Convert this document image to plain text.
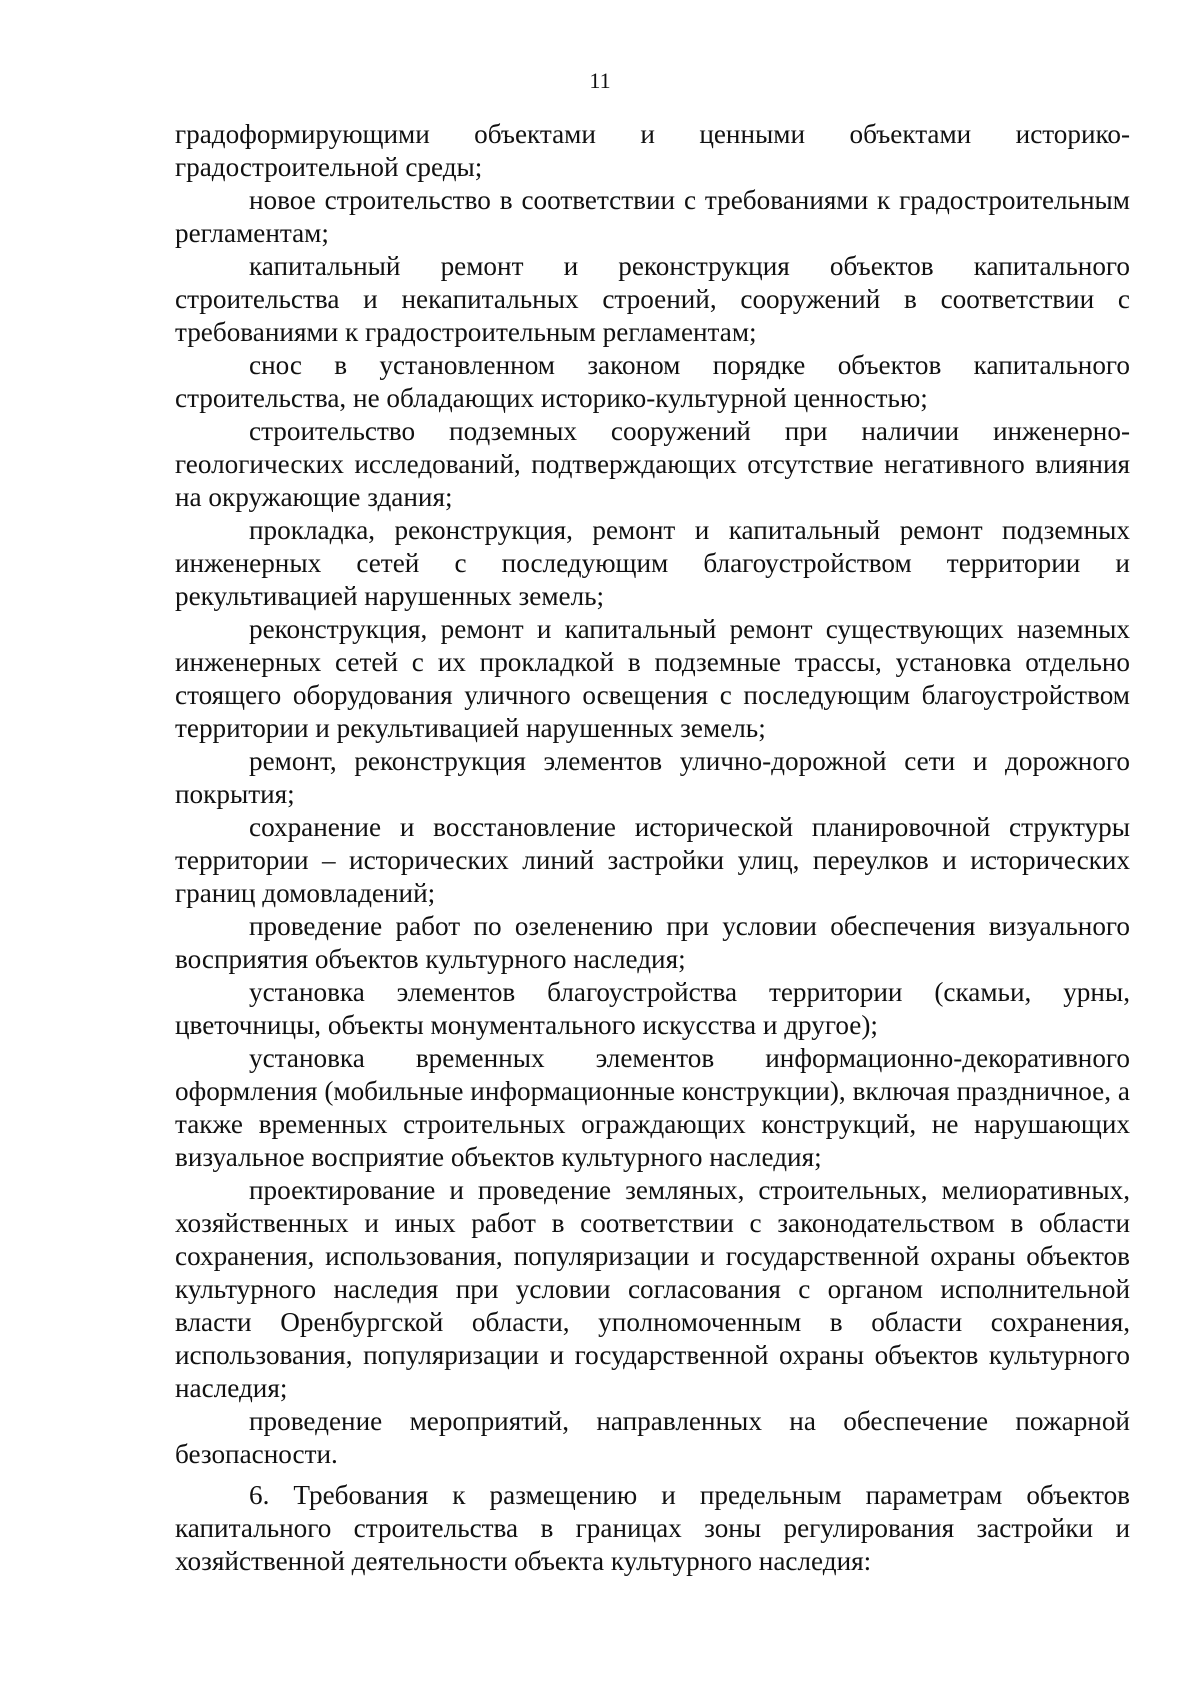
11

градоформирующими объектами и ценными объектами историко-градостроительной среды;

новое строительство в соответствии с требованиями к градостроительным регламентам;

капитальный ремонт и реконструкция объектов капитального строительства и некапитальных строений, сооружений в соответствии с требованиями к градостроительным регламентам;

снос в установленном законом порядке объектов капитального строительства, не обладающих историко-культурной ценностью;

строительство подземных сооружений при наличии инженерно-геологических исследований, подтверждающих отсутствие негативного влияния на окружающие здания;

прокладка, реконструкция, ремонт и капитальный ремонт подземных инженерных сетей с последующим благоустройством территории и рекультивацией нарушенных земель;

реконструкция, ремонт и капитальный ремонт существующих наземных инженерных сетей с их прокладкой в подземные трассы, установка отдельно стоящего оборудования уличного освещения с последующим благоустройством территории и рекультивацией нарушенных земель;

ремонт, реконструкция элементов улично-дорожной сети и дорожного покрытия;

сохранение и восстановление исторической планировочной структуры территории – исторических линий застройки улиц, переулков и исторических границ домовладений;

проведение работ по озеленению при условии обеспечения визуального восприятия объектов культурного наследия;

установка элементов благоустройства территории (скамьи, урны, цветочницы, объекты монументального искусства и другое);

установка временных элементов информационно-декоративного оформления (мобильные информационные конструкции), включая праздничное, а также временных строительных ограждающих конструкций, не нарушающих визуальное восприятие объектов культурного наследия;

проектирование и проведение земляных, строительных, мелиоративных, хозяйственных и иных работ в соответствии с законодательством в области сохранения, использования, популяризации и государственной охраны объектов культурного наследия при условии согласования с органом исполнительной власти Оренбургской области, уполномоченным в области сохранения, использования, популяризации и государственной охраны объектов культурного наследия;

проведение мероприятий, направленных на обеспечение пожарной безопасности.

6. Требования к размещению и предельным параметрам объектов капитального строительства в границах зоны регулирования застройки и хозяйственной деятельности объекта культурного наследия:
